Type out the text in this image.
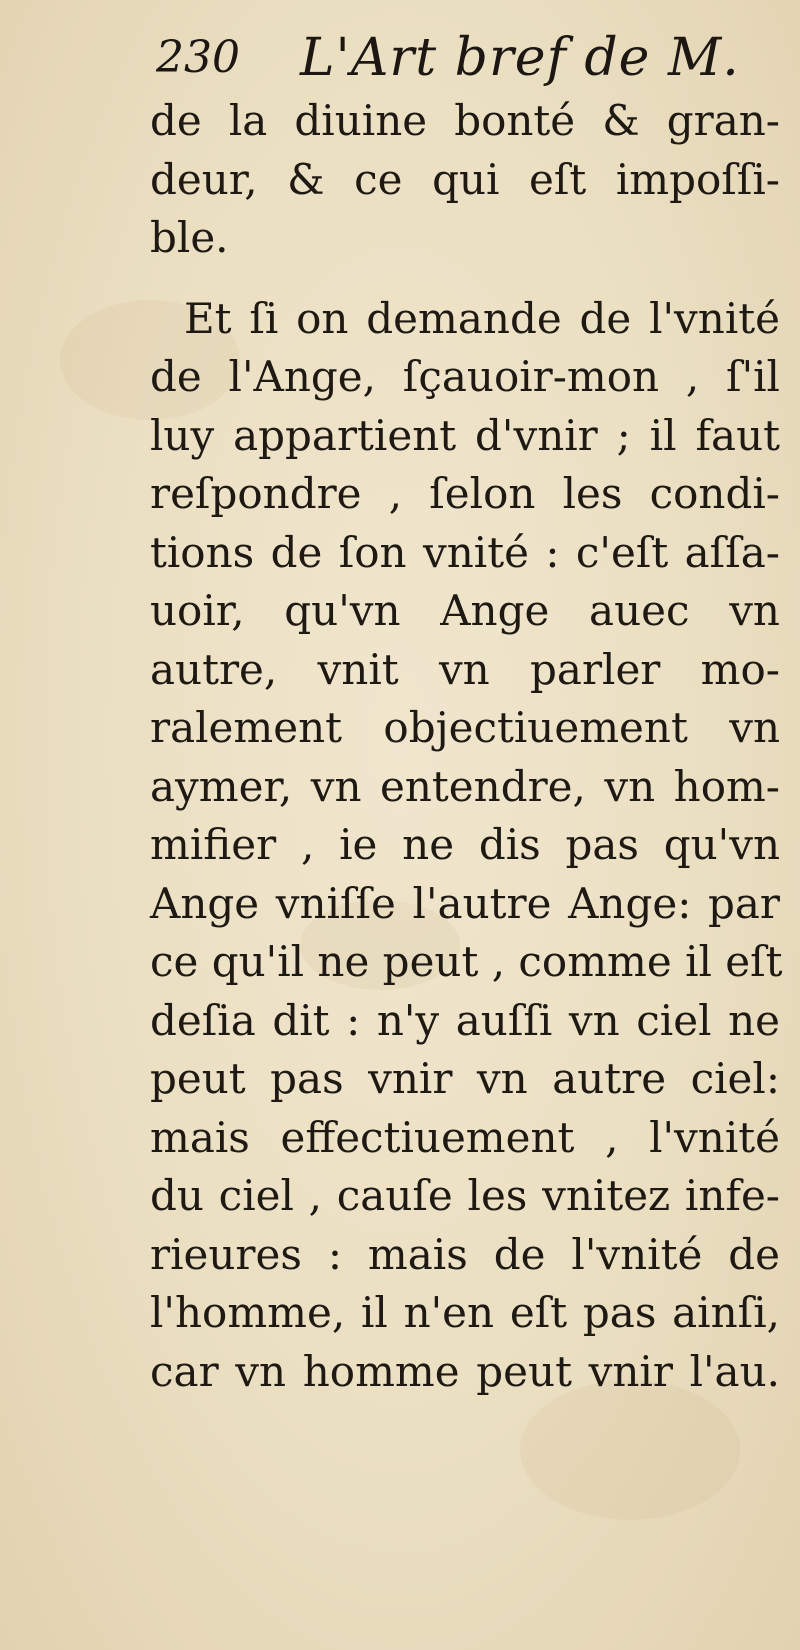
230 L'Art bref de M.
de la diuine bonté & gran-
deur, & ce qui eſt impoſſi-
ble.
Et ſi on demande de l'vnité
de l'Ange, ſçauoir-mon , ſ'il
luy appartient d'vnir ; il faut
reſpondre , ſelon les condi-
tions de ſon vnité : c'eſt aſſa-
uoir, qu'vn Ange auec vn
autre, vnit vn parler mo-
ralement objectiuement vn
aymer, vn entendre, vn hom-
mifier , ie ne dis pas qu'vn
Ange vniſſe l'autre Ange: par
ce qu'il ne peut , comme il eſt
deſia dit : n'y auſſi vn ciel ne
peut pas vnir vn autre ciel:
mais effectiuement , l'vnité
du ciel , cauſe les vnitez infe-
rieures : mais de l'vnité de
l'homme, il n'en eſt pas ainſi,
car vn homme peut vnir l'au.
